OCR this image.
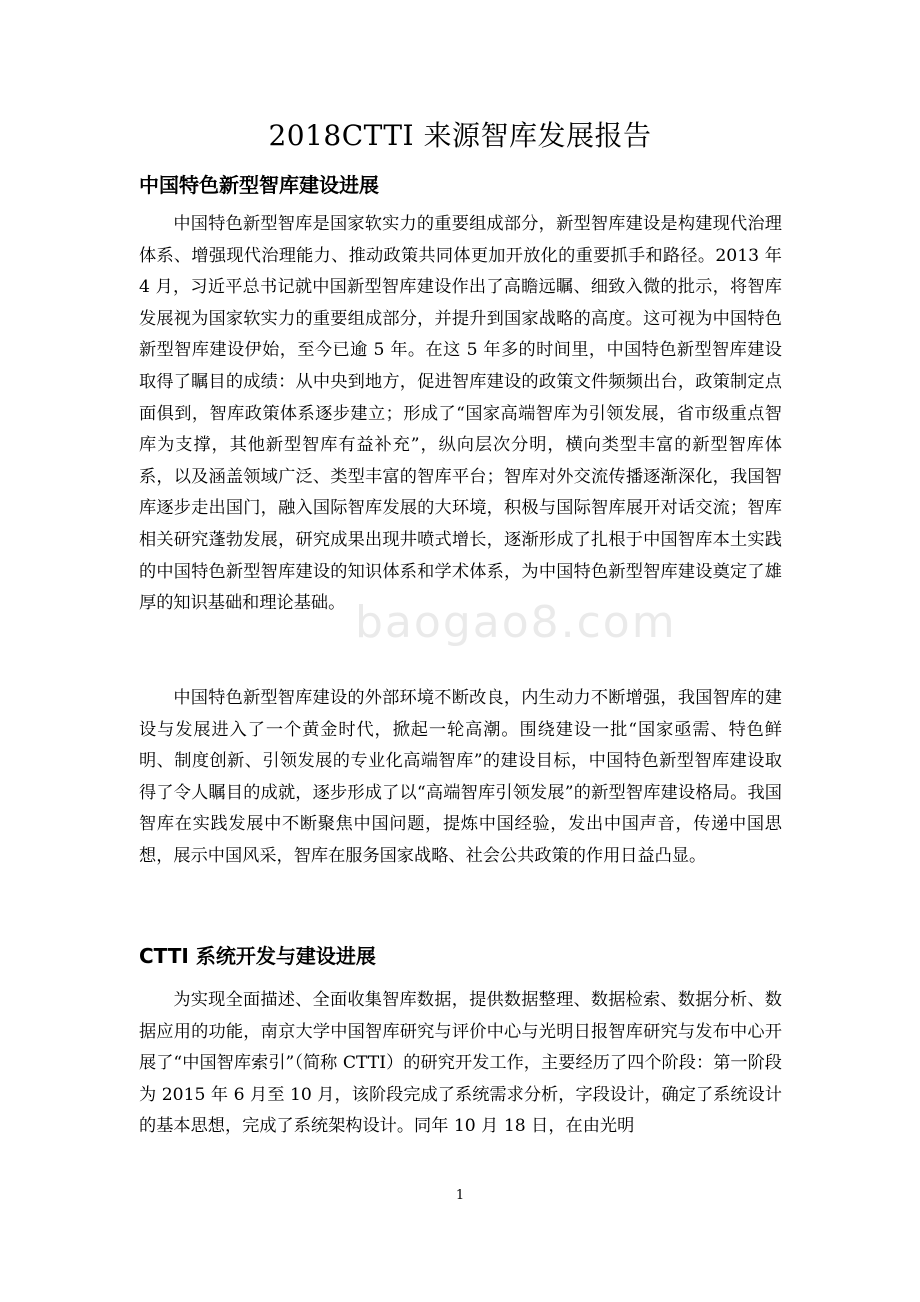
2018CTTI 来源智库发展报告
中国特色新型智库建设进展

中国特色新型智库是国家软实力的重要组成部分，新型智库建设是构建现代治理体系、增强现代治理能力、推动政策共同体更加开放化的重要抓手和路径。2013 年 4 月，习近平总书记就中国新型智库建设作出了高瞻远瞩、细致入微的批示，将智库发展视为国家软实力的重要组成部分，并提升到国家战略的高度。这可视为中国特色新型智库建设伊始，至今已逾 5 年。在这 5 年多的时间里，中国特色新型智库建设取得了瞩目的成绩：从中央到地方，促进智库建设的政策文件频频出台，政策制定点面俱到，智库政策体系逐步建立；形成了“国家高端智库为引领发展，省市级重点智库为支撑，其他新型智库有益补充”，纵向层次分明，横向类型丰富的新型智库体系，以及涵盖领域广泛、类型丰富的智库平台；智库对外交流传播逐渐深化，我国智库逐步走出国门，融入国际智库发展的大环境，积极与国际智库展开对话交流；智库相关研究蓬勃发展，研究成果出现井喷式增长，逐渐形成了扎根于中国智库本土实践的中国特色新型智库建设的知识体系和学术体系，为中国特色新型智库建设奠定了雄厚的知识基础和理论基础。

中国特色新型智库建设的外部环境不断改良，内生动力不断增强，我国智库的建设与发展进入了一个黄金时代，掀起一轮高潮。围绕建设一批“国家亟需、特色鲜明、制度创新、引领发展的专业化高端智库”的建设目标，中国特色新型智库建设取得了令人瞩目的成就，逐步形成了以“高端智库引领发展”的新型智库建设格局。我国智库在实践发展中不断聚焦中国问题，提炼中国经验，发出中国声音，传递中国思想，展示中国风采，智库在服务国家战略、社会公共政策的作用日益凸显。

CTTI 系统开发与建设进展

为实现全面描述、全面收集智库数据，提供数据整理、数据检索、数据分析、数据应用的功能，南京大学中国智库研究与评价中心与光明日报智库研究与发布中心开展了“中国智库索引”（简称 CTTI）的研究开发工作，主要经历了四个阶段：第一阶段为 2015 年 6 月至 10 月，该阶段完成了系统需求分析，字段设计，确定了系统设计的基本思想，完成了系统架构设计。同年 10 月 18 日，在由光明

baogao8.com
1
